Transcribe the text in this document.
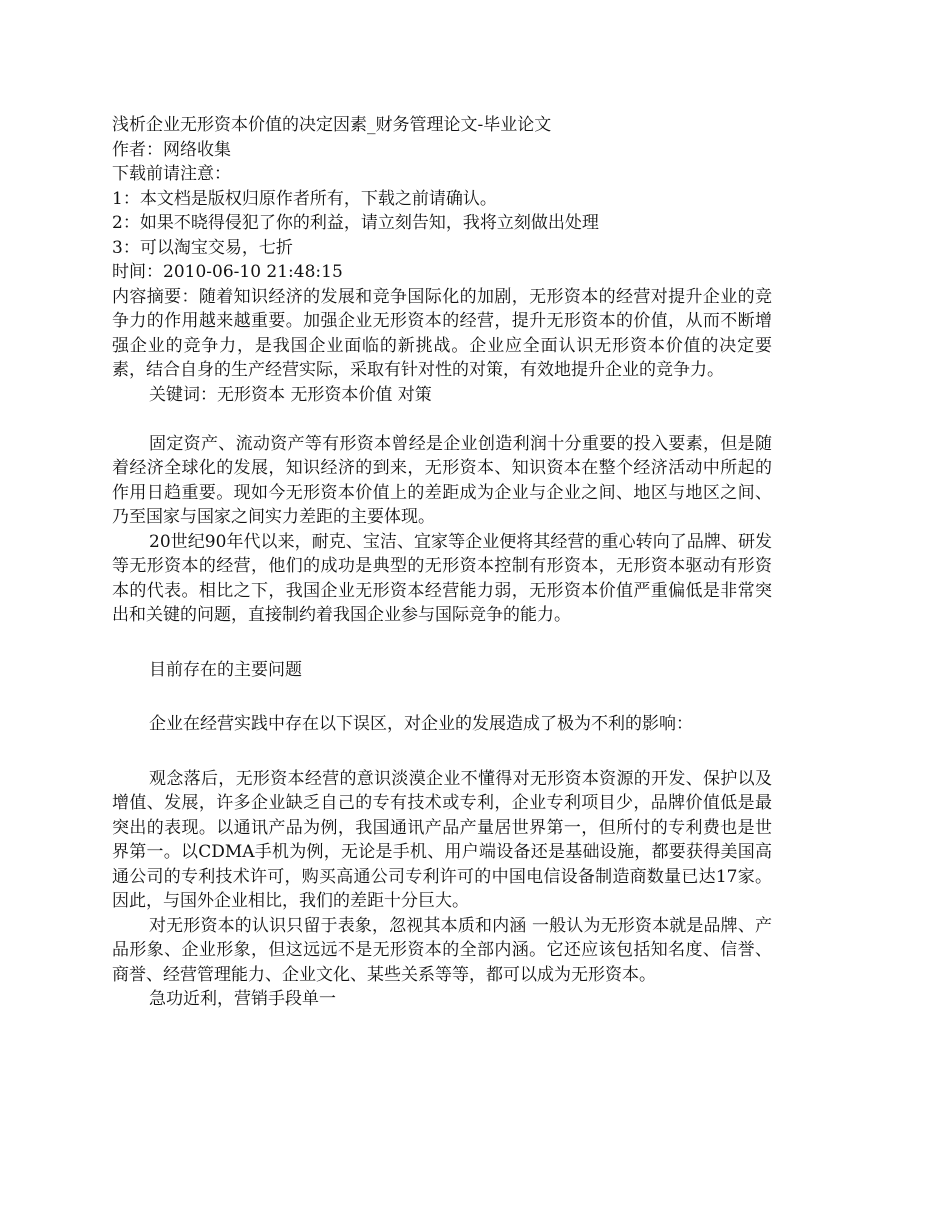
浅析企业无形资本价值的决定因素_财务管理论文-毕业论文
作者：网络收集
下载前请注意：
1：本文档是版权归原作者所有，下载之前请确认。
2：如果不晓得侵犯了你的利益，请立刻告知，我将立刻做出处理
3：可以淘宝交易，七折
时间：2010-06-10 21:48:15

内容摘要：随着知识经济的发展和竞争国际化的加剧，无形资本的经营对提升企业的竞争力的作用越来越重要。加强企业无形资本的经营，提升无形资本的价值，从而不断增强企业的竞争力，是我国企业面临的新挑战。企业应全面认识无形资本价值的决定要素，结合自身的生产经营实际，采取有针对性的对策，有效地提升企业的竞争力。

关键词：无形资本 无形资本价值 对策

固定资产、流动资产等有形资本曾经是企业创造利润十分重要的投入要素，但是随着经济全球化的发展，知识经济的到来，无形资本、知识资本在整个经济活动中所起的作用日趋重要。现如今无形资本价值上的差距成为企业与企业之间、地区与地区之间、乃至国家与国家之间实力差距的主要体现。

20世纪90年代以来，耐克、宝洁、宜家等企业便将其经营的重心转向了品牌、研发等无形资本的经营，他们的成功是典型的无形资本控制有形资本，无形资本驱动有形资本的代表。相比之下，我国企业无形资本经营能力弱，无形资本价值严重偏低是非常突出和关键的问题，直接制约着我国企业参与国际竞争的能力。

目前存在的主要问题

企业在经营实践中存在以下误区，对企业的发展造成了极为不利的影响：

观念落后，无形资本经营的意识淡漠企业不懂得对无形资本资源的开发、保护以及增值、发展，许多企业缺乏自己的专有技术或专利，企业专利项目少，品牌价值低是最突出的表现。以通讯产品为例，我国通讯产品产量居世界第一，但所付的专利费也是世界第一。以CDMA手机为例，无论是手机、用户端设备还是基础设施，都要获得美国高通公司的专利技术许可，购买高通公司专利许可的中国电信设备制造商数量已达17家。因此，与国外企业相比，我们的差距十分巨大。

对无形资本的认识只留于表象，忽视其本质和内涵 一般认为无形资本就是品牌、产品形象、企业形象，但这远远不是无形资本的全部内涵。它还应该包括知名度、信誉、商誉、经营管理能力、企业文化、某些关系等等，都可以成为无形资本。

急功近利，营销手段单一
